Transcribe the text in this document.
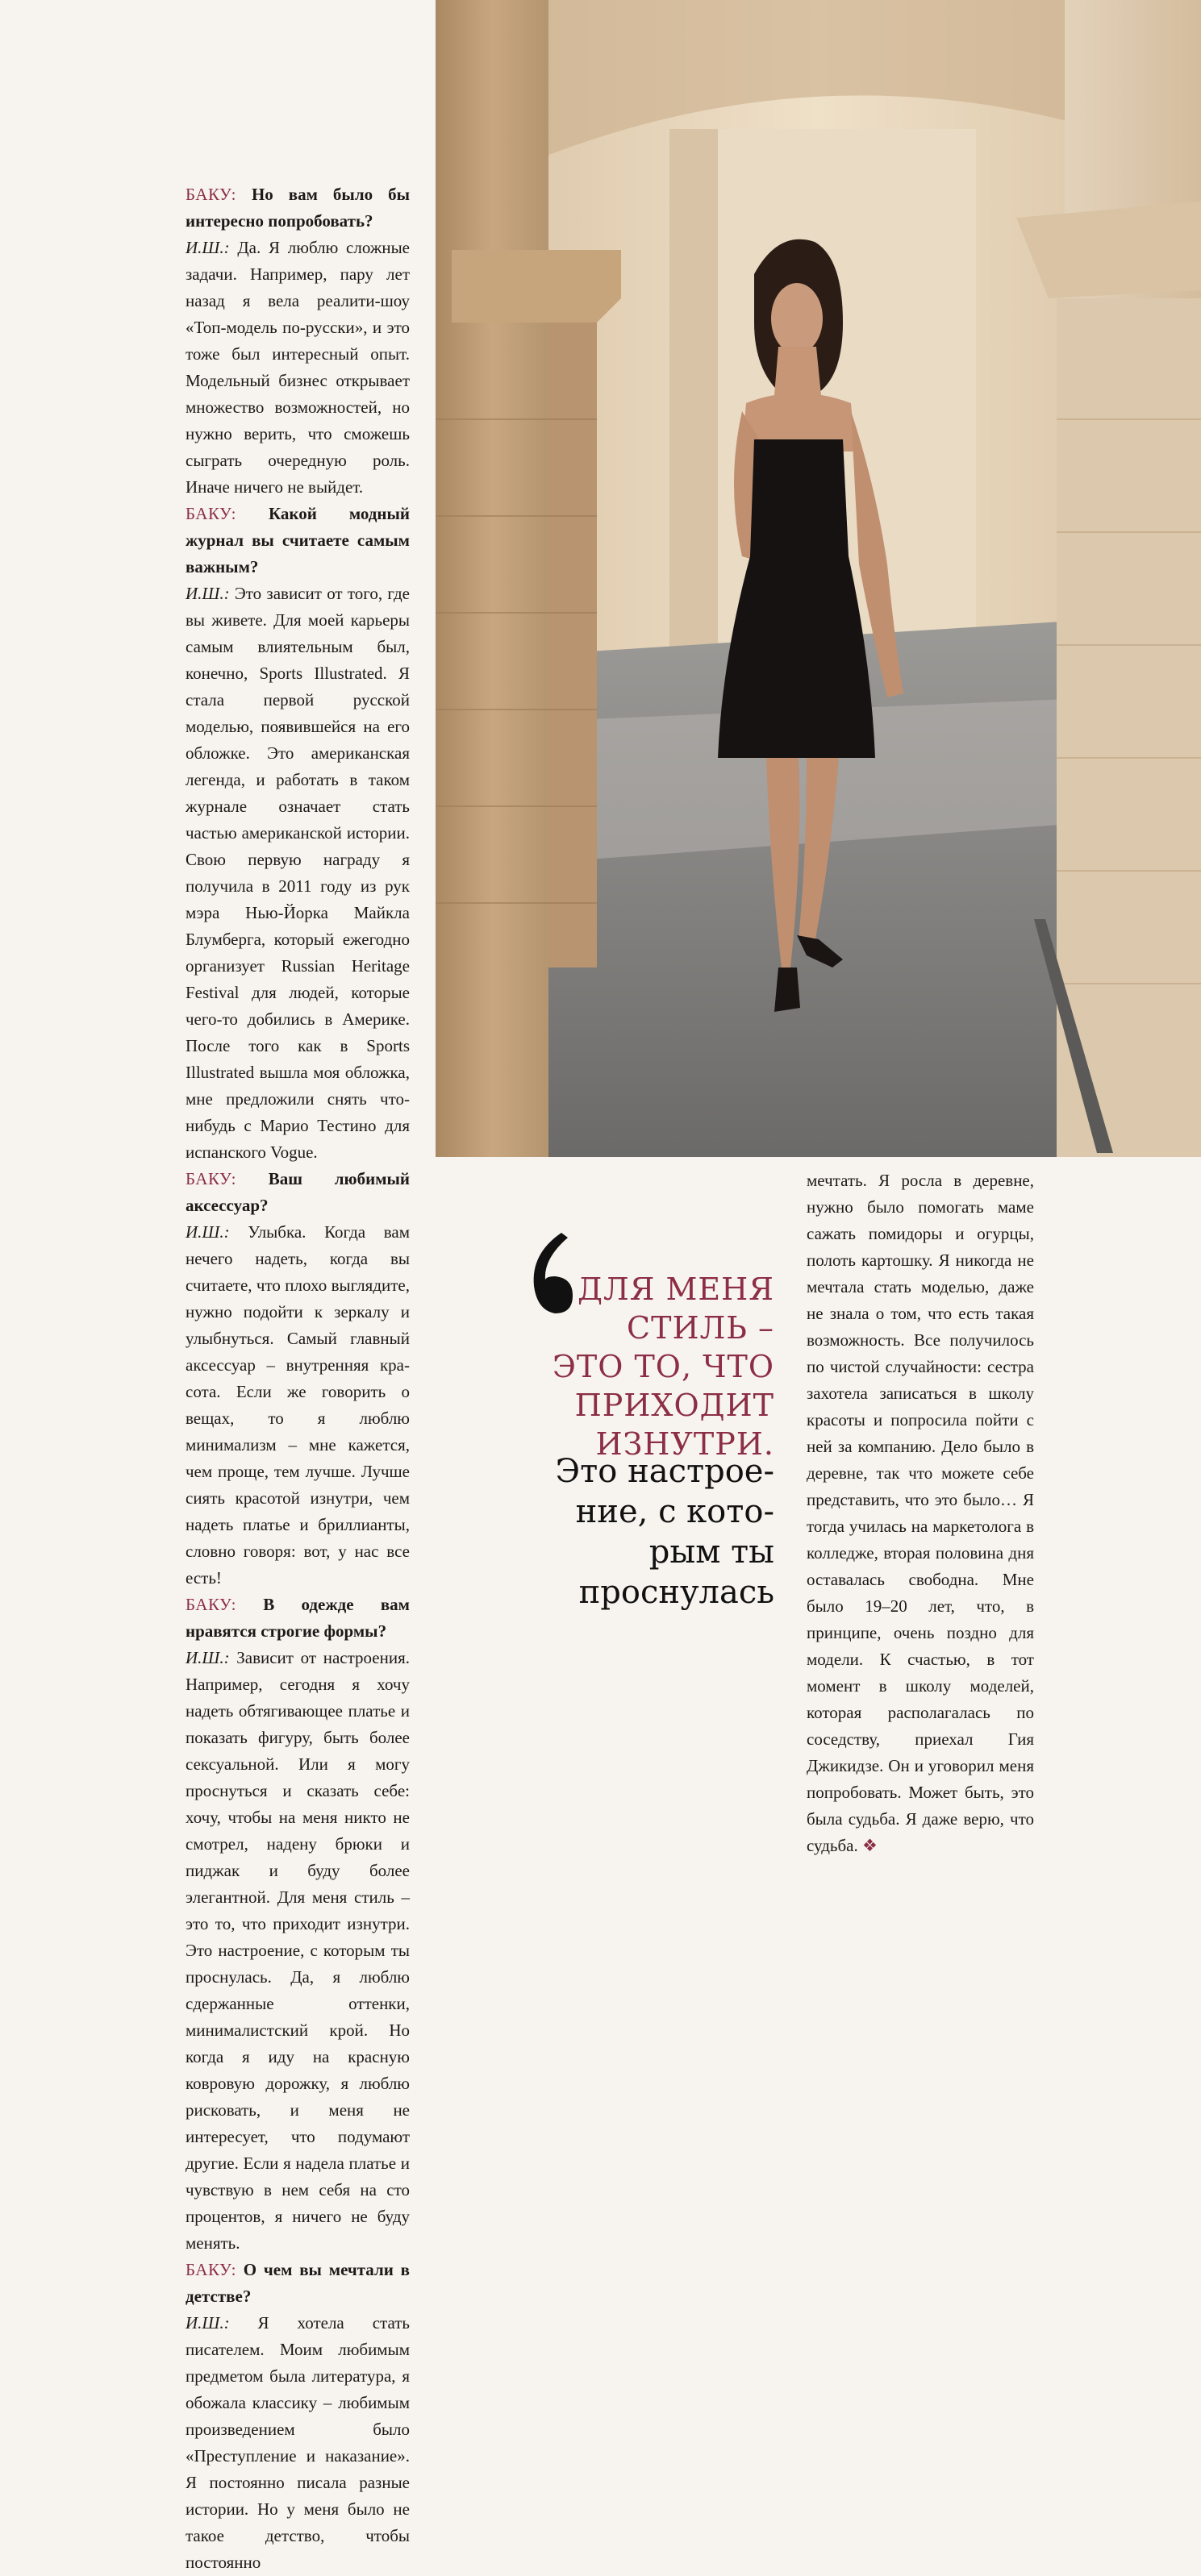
БАКУ: Но вам было бы интересно попробовать?

И.Ш.: Да. Я люблю сложные задачи. Например, пару лет назад я вела реалити-шоу «Топ-модель по-русски», и это тоже был интересный опыт. Модельный бизнес открывает множество возможностей, но нужно верить, что сможешь сыграть очередную роль. Иначе ничего не выйдет.

БАКУ: Какой модный журнал вы считаете самым важным?

И.Ш.: Это зависит от того, где вы живете. Для моей карьеры самым влиятельным был, конечно, Sports Illustrated. Я стала первой русской моделью, появившейся на его обложке. Это американская легенда, и работать в таком журнале означает стать частью американской истории. Свою первую награду я получила в 2011 году из рук мэра Нью-Йорка Майкла Блумберга, который ежегодно организует Russian Heritage Festival для людей, которые чего-то добились в Америке. После того как в Sports Illustrated вышла моя обложка, мне предложили снять что-нибудь с Марио Тестино для испанского Vogue.

БАКУ: Ваш любимый аксессуар?

И.Ш.: Улыбка. Когда вам нечего надеть, когда вы считаете, что плохо выглядите, нужно подойти к зеркалу и улыбнуться. Самый главный аксессуар – внутренняя красота. Если же говорить о вещах, то я люблю минимализм – мне кажется, чем проще, тем лучше. Лучше сиять красотой изнутри, чем надеть платье и бриллианты, словно говоря: вот, у нас все есть!

БАКУ: В одежде вам нравятся строгие формы?

И.Ш.: Зависит от настроения. Например, сегодня я хочу надеть обтягивающее платье и показать фигуру, быть более сексуальной. Или я могу проснуться и сказать себе: хочу, чтобы на меня никто не смотрел, надену брюки и пиджак и буду более элегантной. Для меня стиль – это то, что приходит изнутри. Это настроение, с которым ты проснулась. Да, я люблю сдержанные оттенки, минималистский крой. Но когда я иду на красную ковровую дорожку, я люблю рисковать, и меня не интересует, что подумают другие. Если я надела платье и чувствую в нем себя на сто процентов, я ничего не буду менять.

БАКУ: О чем вы мечтали в детстве?

И.Ш.: Я хотела стать писателем. Моим любимым предметом была литература, я обожала классику – любимым произведением было «Преступление и наказание». Я постоянно писала разные истории. Но у меня было не такое детство, чтобы постоянно

ДЛЯ МЕНЯ
СТИЛЬ –
ЭТО ТО, ЧТО
ПРИХОДИТ
ИЗНУТРИ.
Это настрое-
ние, с кото-
рым ты
проснулась

мечтать. Я росла в деревне, нужно было помогать маме сажать помидоры и огурцы, полоть картошку. Я никогда не мечтала стать моделью, даже не знала о том, что есть такая возможность. Все получилось по чистой случайности: сестра захотела записаться в школу красоты и попросила пойти с ней за компанию. Дело было в деревне, так что можете себе представить, что это было… Я тогда училась на маркетолога в колледже, вторая половина дня оставалась свободна. Мне было 19–20 лет, что, в принципе, очень поздно для модели. К счастью, в тот момент в школу моделей, которая располагалась по соседству, приехал Гия Джикидзе. Он и уговорил меня попробовать. Может быть, это была судьба. Я даже верю, что судьба. ❖
